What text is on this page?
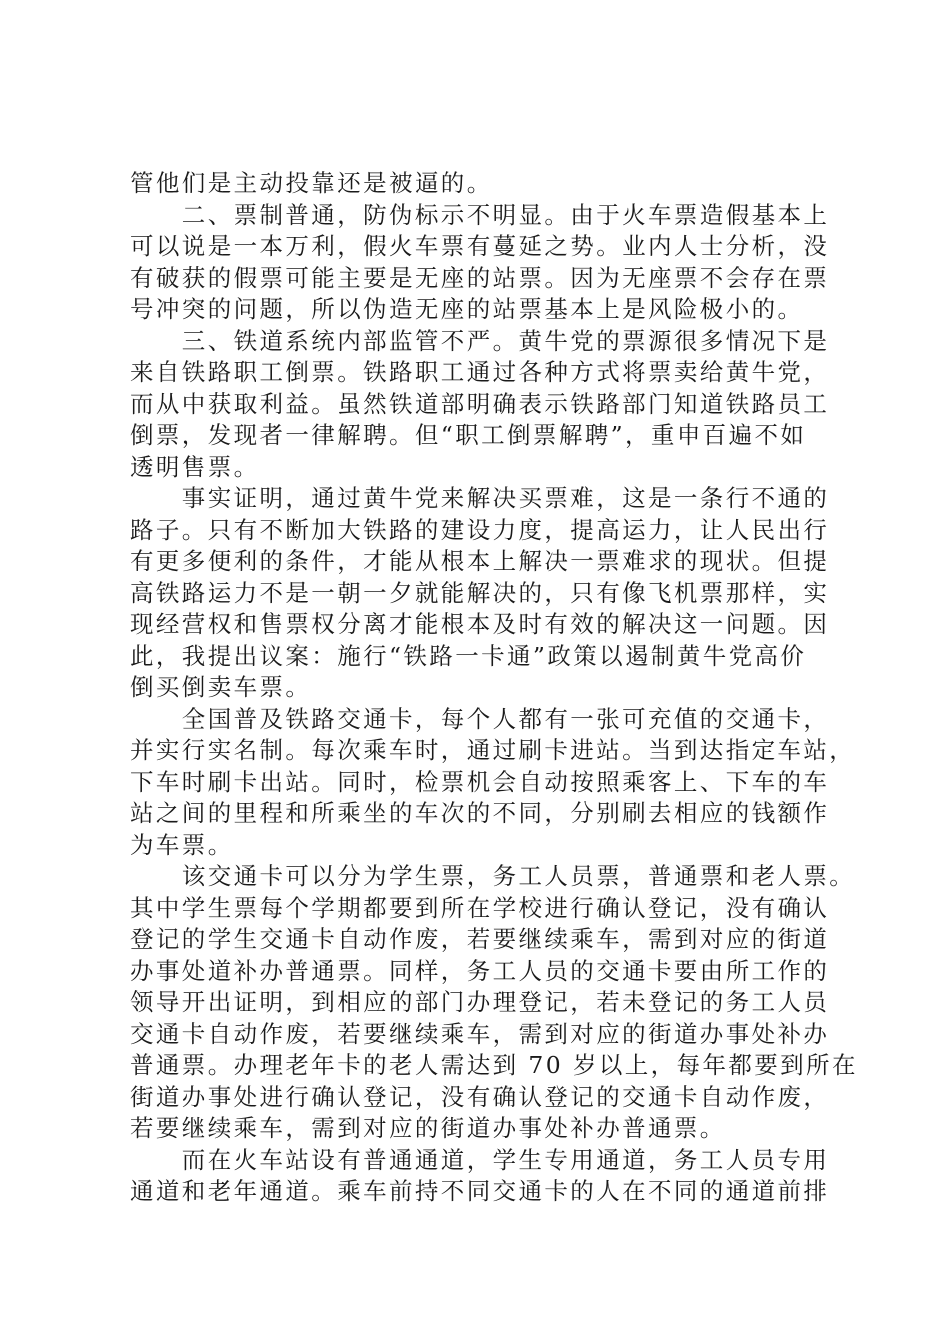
管他们是主动投靠还是被逼的。
　　二、票制普通，防伪标示不明显。由于火车票造假基本上
可以说是一本万利，假火车票有蔓延之势。业内人士分析，没
有破获的假票可能主要是无座的站票。因为无座票不会存在票
号冲突的问题，所以伪造无座的站票基本上是风险极小的。
　　三、铁道系统内部监管不严。黄牛党的票源很多情况下是
来自铁路职工倒票。铁路职工通过各种方式将票卖给黄牛党，
而从中获取利益。虽然铁道部明确表示铁路部门知道铁路员工
倒票，发现者一律解聘。但“职工倒票解聘”，重申百遍不如
透明售票。
　　事实证明，通过黄牛党来解决买票难，这是一条行不通的
路子。只有不断加大铁路的建设力度，提高运力，让人民出行
有更多便利的条件，才能从根本上解决一票难求的现状。但提
高铁路运力不是一朝一夕就能解决的，只有像飞机票那样，实
现经营权和售票权分离才能根本及时有效的解决这一问题。因
此，我提出议案：施行“铁路一卡通”政策以遏制黄牛党高价
倒买倒卖车票。
　　全国普及铁路交通卡，每个人都有一张可充值的交通卡，
并实行实名制。每次乘车时，通过刷卡进站。当到达指定车站，
下车时刷卡出站。同时，检票机会自动按照乘客上、下车的车
站之间的里程和所乘坐的车次的不同，分别刷去相应的钱额作
为车票。
　　该交通卡可以分为学生票，务工人员票，普通票和老人票。
其中学生票每个学期都要到所在学校进行确认登记，没有确认
登记的学生交通卡自动作废，若要继续乘车，需到对应的街道
办事处道补办普通票。同样，务工人员的交通卡要由所工作的
领导开出证明，到相应的部门办理登记，若未登记的务工人员
交通卡自动作废，若要继续乘车，需到对应的街道办事处补办
普通票。办理老年卡的老人需达到 70 岁以上，每年都要到所在
街道办事处进行确认登记，没有确认登记的交通卡自动作废，
若要继续乘车，需到对应的街道办事处补办普通票。
　　而在火车站设有普通通道，学生专用通道，务工人员专用
通道和老年通道。乘车前持不同交通卡的人在不同的通道前排
